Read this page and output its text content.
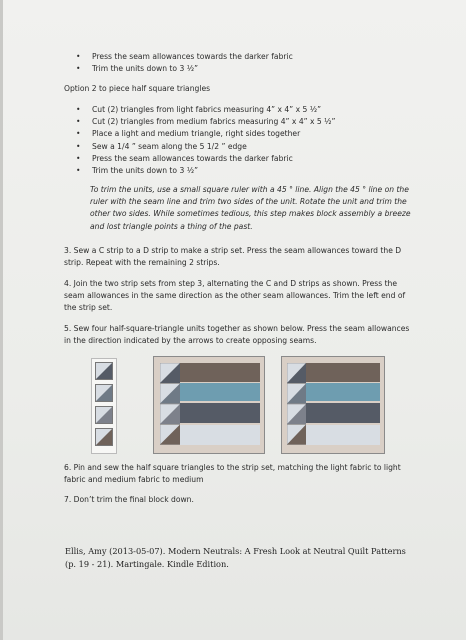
• Press the seam allowances towards the darker fabric
• Trim the units down to 3 ½”
Option 2 to piece half square triangles
• Cut (2) triangles from light fabrics measuring 4” x 4” x 5 ½”
• Cut (2) triangles from medium fabrics measuring 4” x 4” x 5 ½”
• Place a light and medium triangle, right sides together
• Sew a 1/4 ” seam along the 5 1/2 ” edge
• Press the seam allowances towards the darker fabric
• Trim the units down to 3 ½”
To trim the units, use a small square ruler with a 45 ° line. Align the 45 ° line on the ruler with the seam line and trim two sides of the unit. Rotate the unit and trim the other two sides. While sometimes tedious, this step makes block assembly a breeze and lost triangle points a thing of the past.
3. Sew a C strip to a D strip to make a strip set. Press the seam allowances toward the D strip. Repeat with the remaining 2 strips.
4. Join the two strip sets from step 3, alternating the C and D strips as shown. Press the seam allowances in the same direction as the other seam allowances. Trim the left end of the strip set.
5. Sew four half-square-triangle units together as shown below. Press the seam allowances in the direction indicated by the arrows to create opposing seams.
6. Pin and sew the half square triangles to the strip set, matching the light fabric to light fabric and medium fabric to medium
7. Don’t trim the final block down.
Ellis, Amy (2013-05-07). Modern Neutrals: A Fresh Look at Neutral Quilt Patterns (p. 19 - 21). Martingale. Kindle Edition.
